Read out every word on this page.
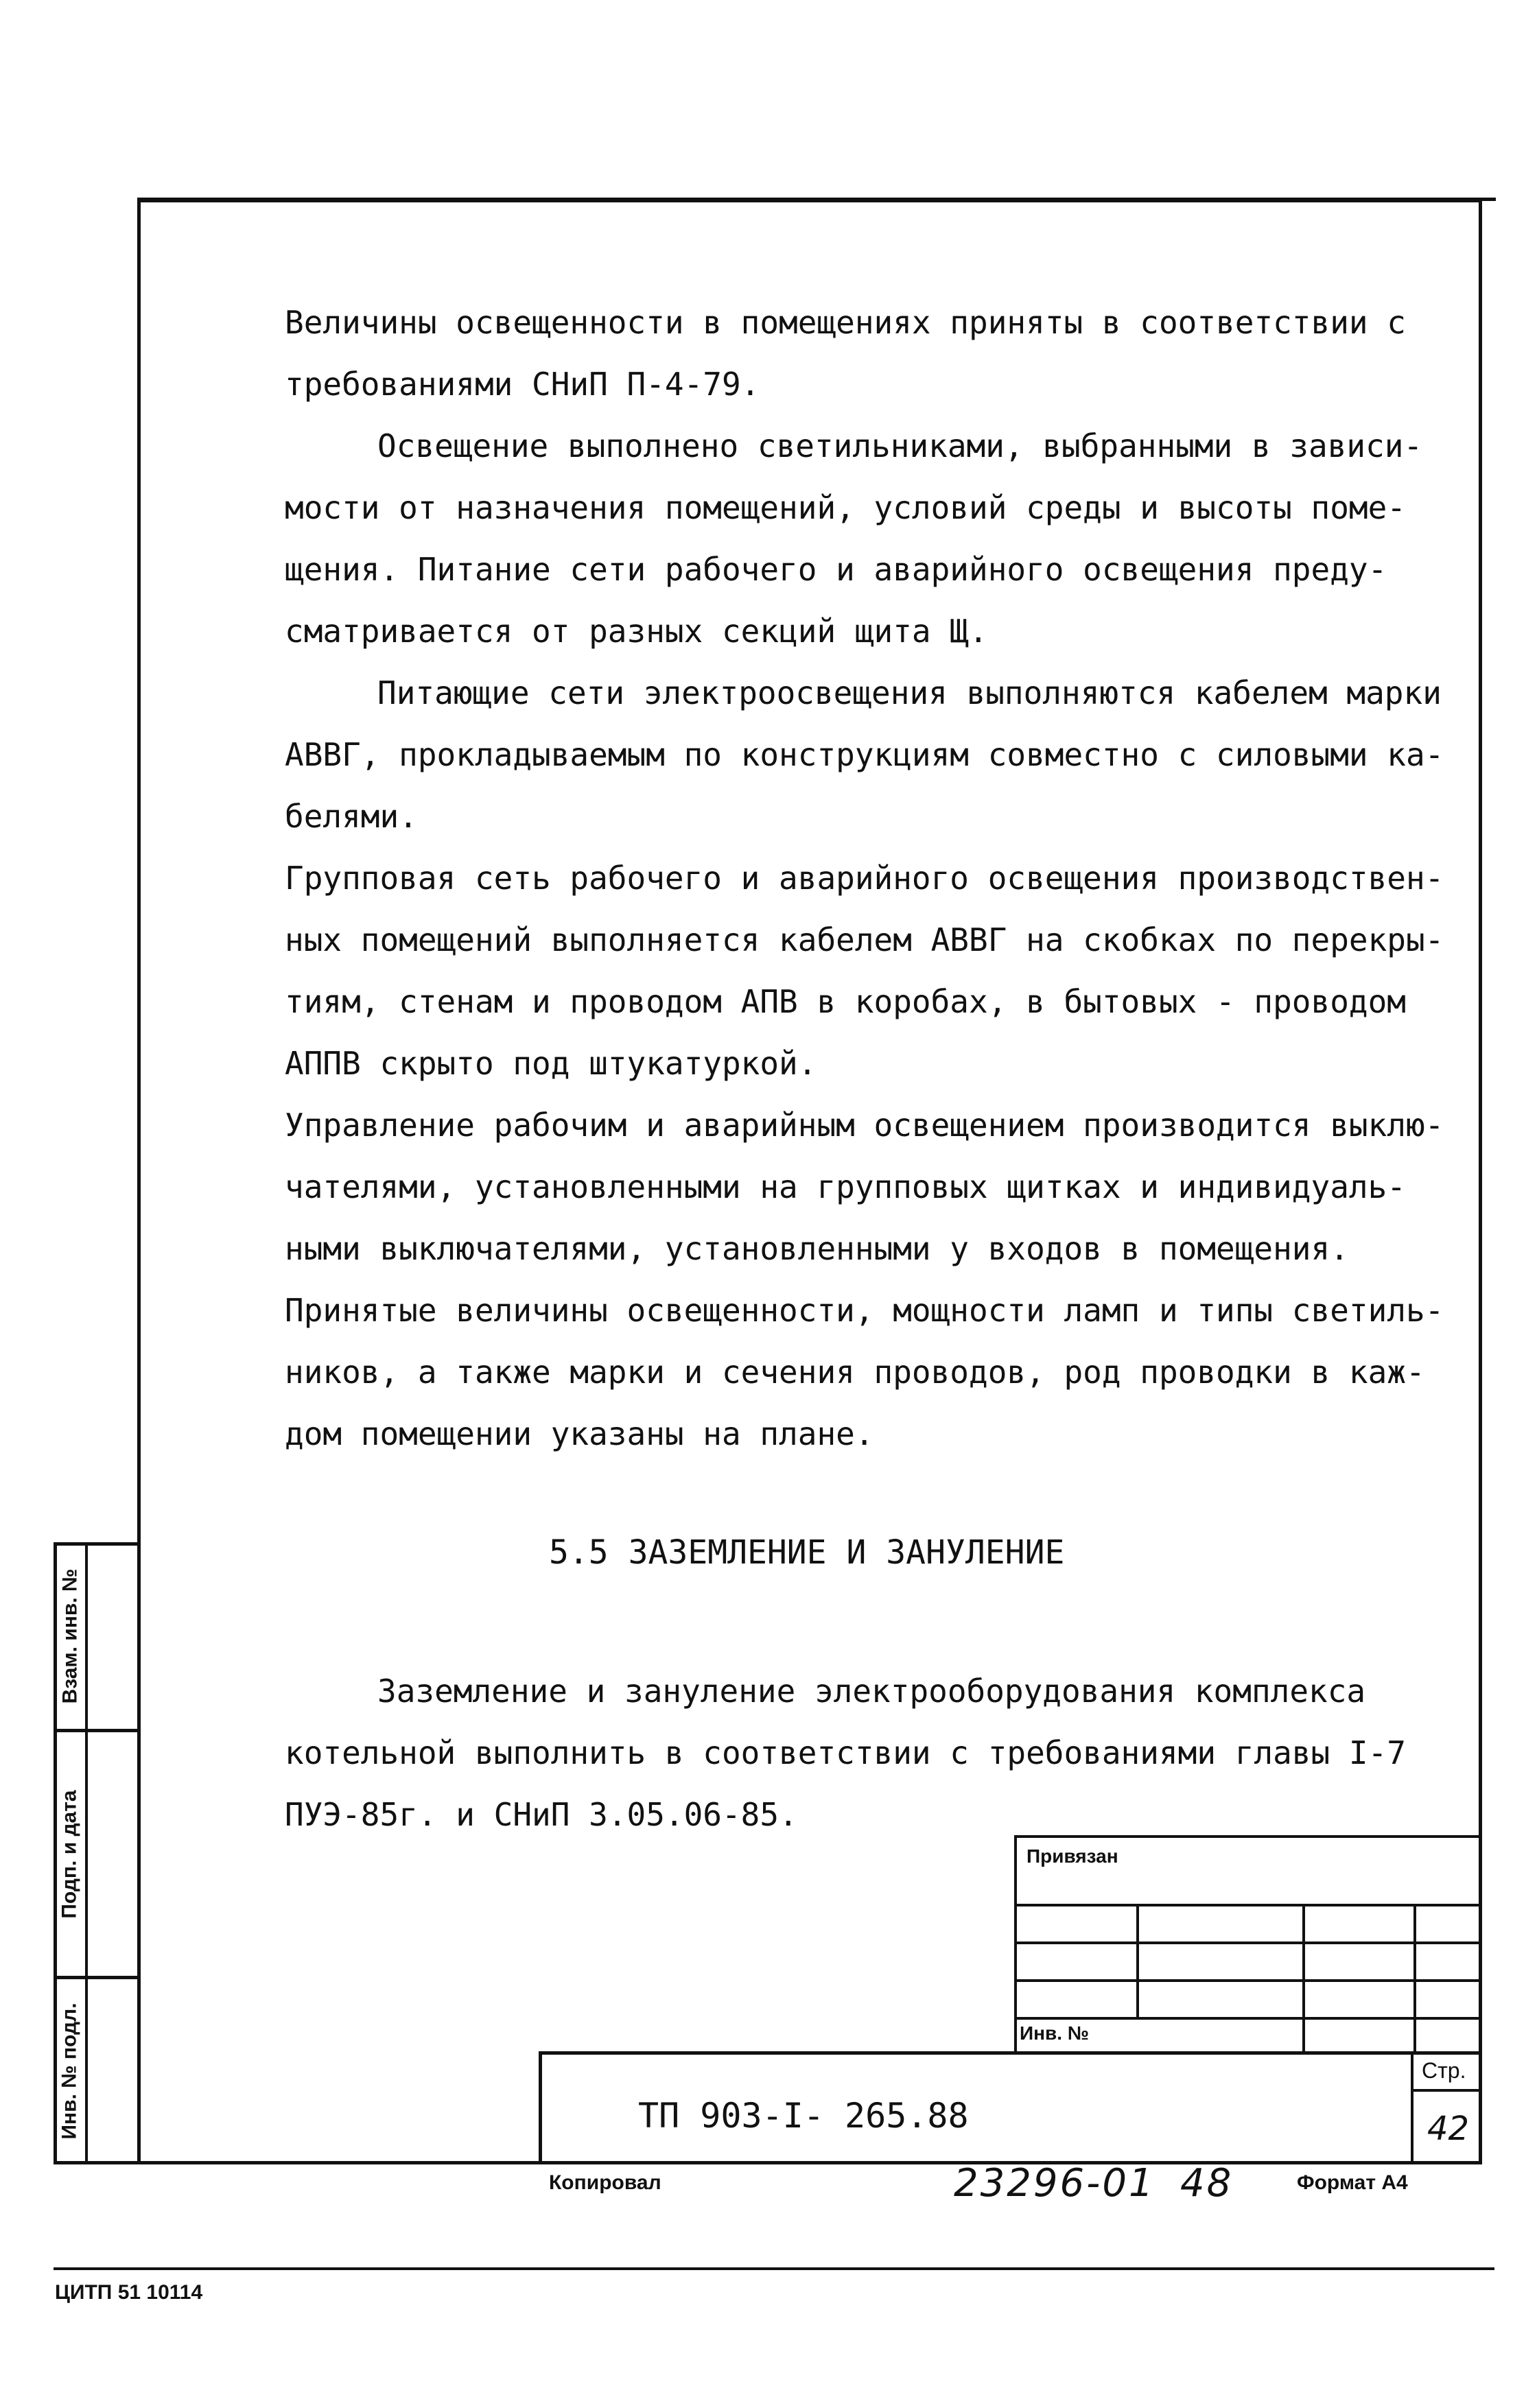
Величины освещенности в помещениях приняты в соответствии с
требованиями СНиП П-4-79.
Освещение выполнено светильниками, выбранными в зависи-
мости от назначения помещений, условий среды и высоты поме-
щения. Питание сети рабочего и аварийного освещения преду-
сматривается от разных секций щита Щ.
Питающие сети электроосвещения выполняются кабелем марки
АВВГ, прокладываемым по конструкциям совместно с силовыми ка-
белями.
Групповая сеть рабочего и аварийного освещения производствен-
ных помещений выполняется кабелем АВВГ на скобках по перекры-
тиям, стенам и проводом АПВ в коробах, в бытовых - проводом
АППВ скрыто под штукатуркой.
Управление рабочим и аварийным освещением производится выклю-
чателями, установленными на групповых щитках и индивидуаль-
ными выключателями, установленными у входов в помещения.
Принятые величины освещенности, мощности ламп и типы светиль-
ников, а также марки и сечения проводов, род проводки в каж-
дом помещении указаны на плане.
5.5 ЗАЗЕМЛЕНИЕ И ЗАНУЛЕНИЕ
Заземление и зануление электрооборудования комплекса
котельной выполнить в соответствии с требованиями главы I-7
ПУЭ-85г. и СНиП 3.05.06-85.
Взам. инв. №
Подп. и дата
Инв. № подл.
Привязан
Инв. №
Стр.
ТП 903-I- 265.88	42
Копировал	23296-01 48	Формат А4
ЦИТП 51 10114
